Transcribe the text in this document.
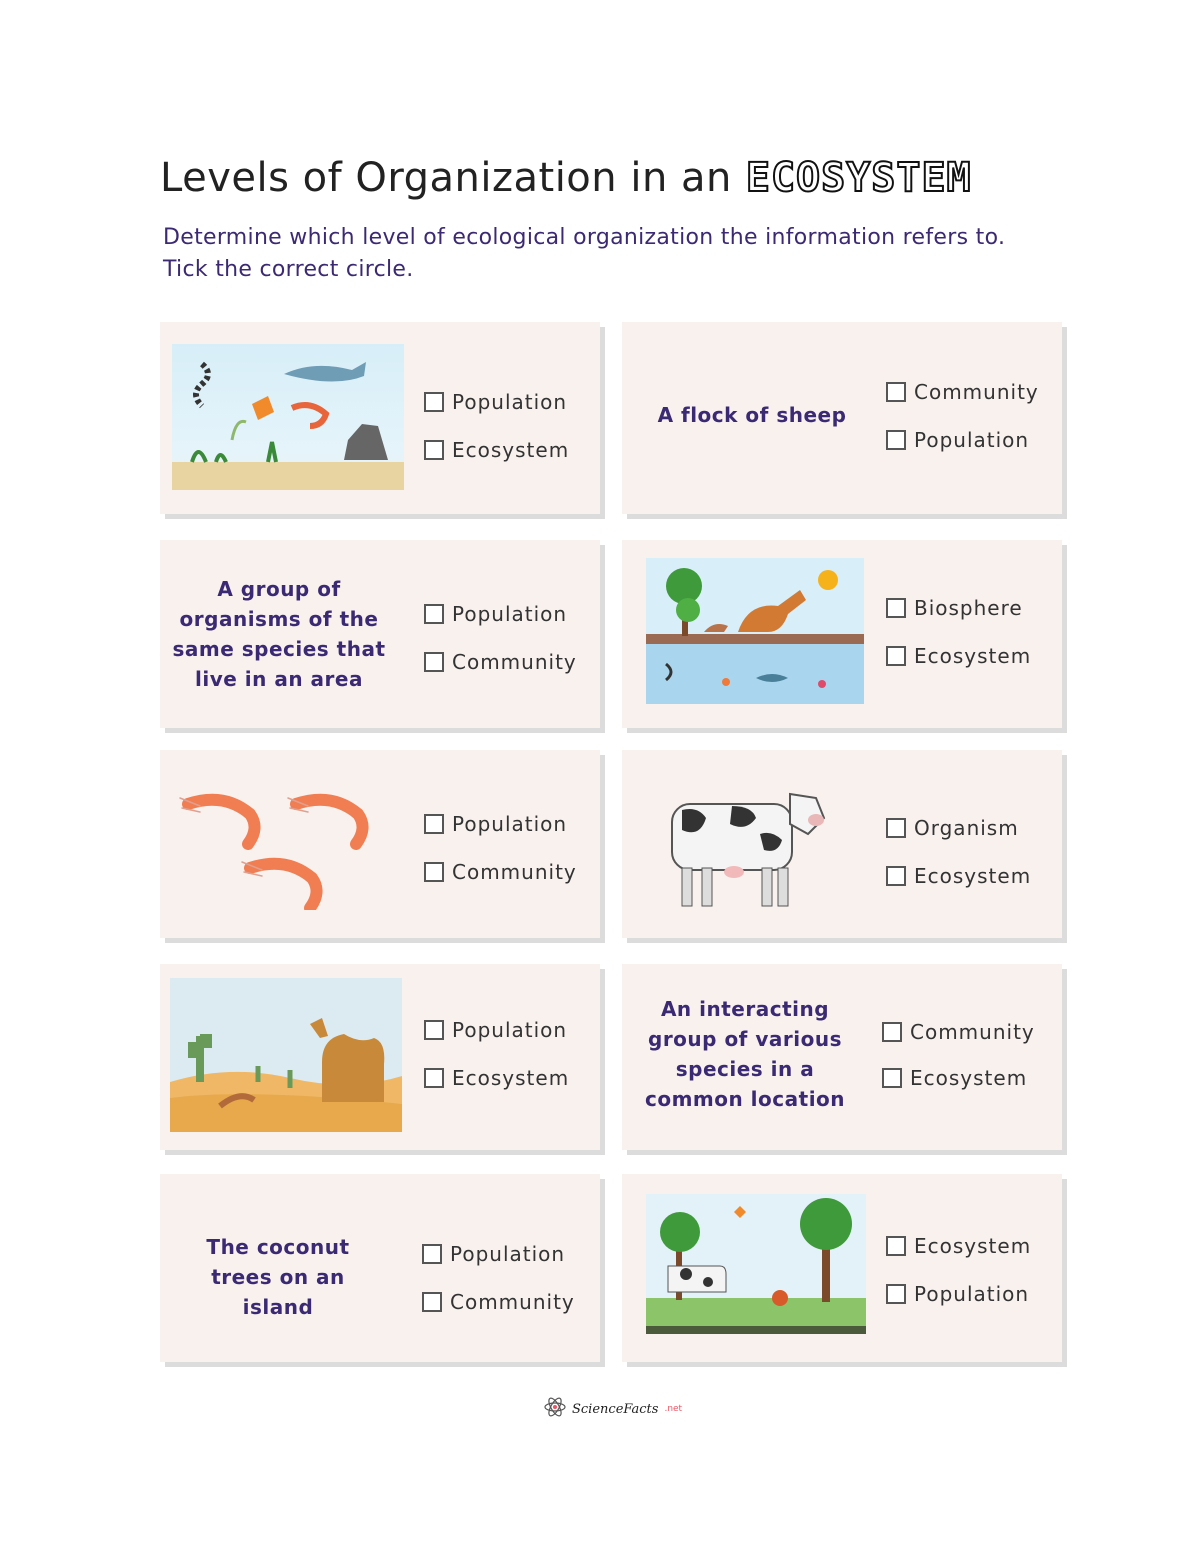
Levels of Organization in an ECOSYSTEM
Determine which level of ecological organization the information refers to.
Tick the correct circle.
Population
Ecosystem
A flock of sheep
Community
Population
A group of
organisms of the
same species that
live in an area
Population
Community
Biosphere
Ecosystem
Population
Community
Organism
Ecosystem
Population
Ecosystem
An interacting
group of various
species in a
common location
Community
Ecosystem
The coconut
trees on an
island
Population
Community
Ecosystem
Population
ScienceFacts .net
